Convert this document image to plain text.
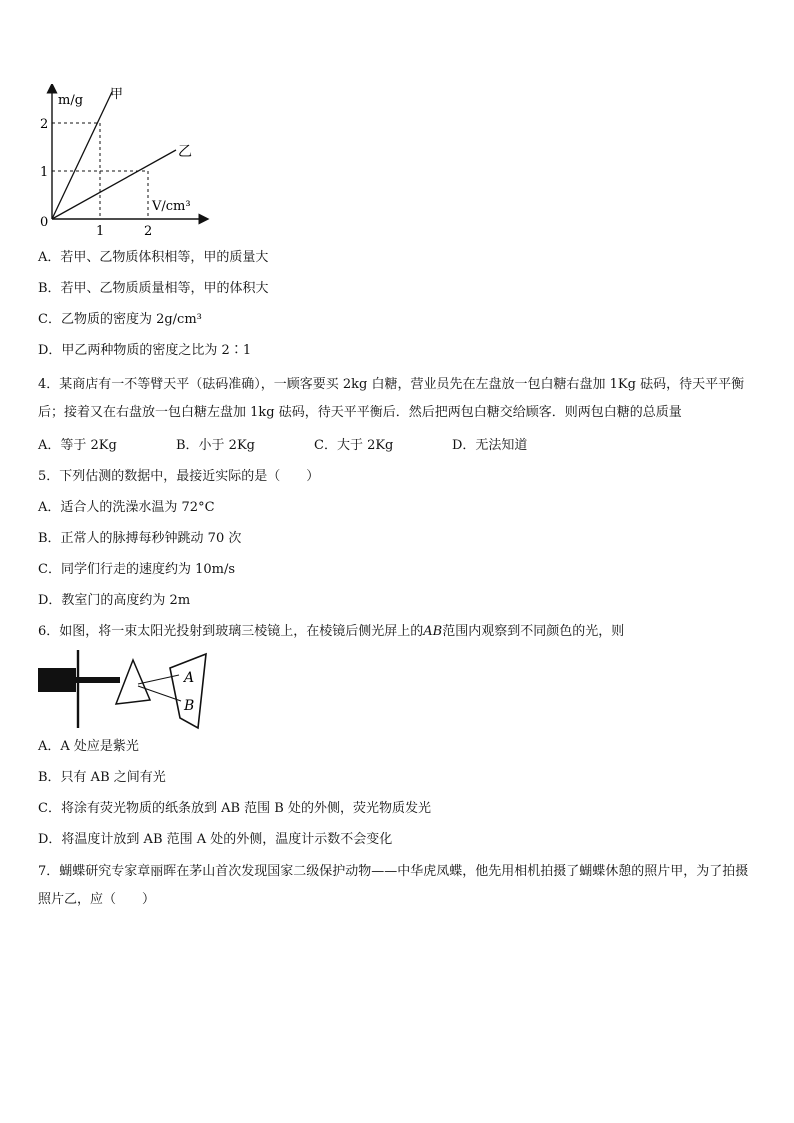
m/g 甲
乙
V/cm³
0
1
2
1	2
A．若甲、乙物质体积相等，甲的质量大
B．若甲、乙物质质量相等，甲的体积大
C．乙物质的密度为 2g/cm³
D．甲乙两种物质的密度之比为 2∶1
4．某商店有一不等臂天平（砝码准确），一顾客要买 2kg 白糖，营业员先在左盘放一包白糖右盘加 1Kg 砝码，待天平平衡后；接着又在右盘放一包白糖左盘加 1kg 砝码，待天平平衡后．然后把两包白糖交给顾客．则两包白糖的总质量
A．等于 2Kg	B．小于 2Kg	C．大于 2Kg	D．无法知道
5．下列估测的数据中，最接近实际的是（　　）
A．适合人的洗澡水温为 72°C
B．正常人的脉搏每秒钟跳动 70 次
C．同学们行走的速度约为 10m/s
D．教室门的高度约为 2m
6．如图，将一束太阳光投射到玻璃三棱镜上，在棱镜后侧光屏上的AB范围内观察到不同颜色的光，则
A
B
A．A 处应是紫光
B．只有 AB 之间有光
C．将涂有荧光物质的纸条放到 AB 范围 B 处的外侧，荧光物质发光
D．将温度计放到 AB 范围 A 处的外侧，温度计示数不会变化
7．蝴蝶研究专家章丽晖在茅山首次发现国家二级保护动物——中华虎凤蝶，他先用相机拍摄了蝴蝶休憩的照片甲，为了拍摄照片乙，应（　　）
